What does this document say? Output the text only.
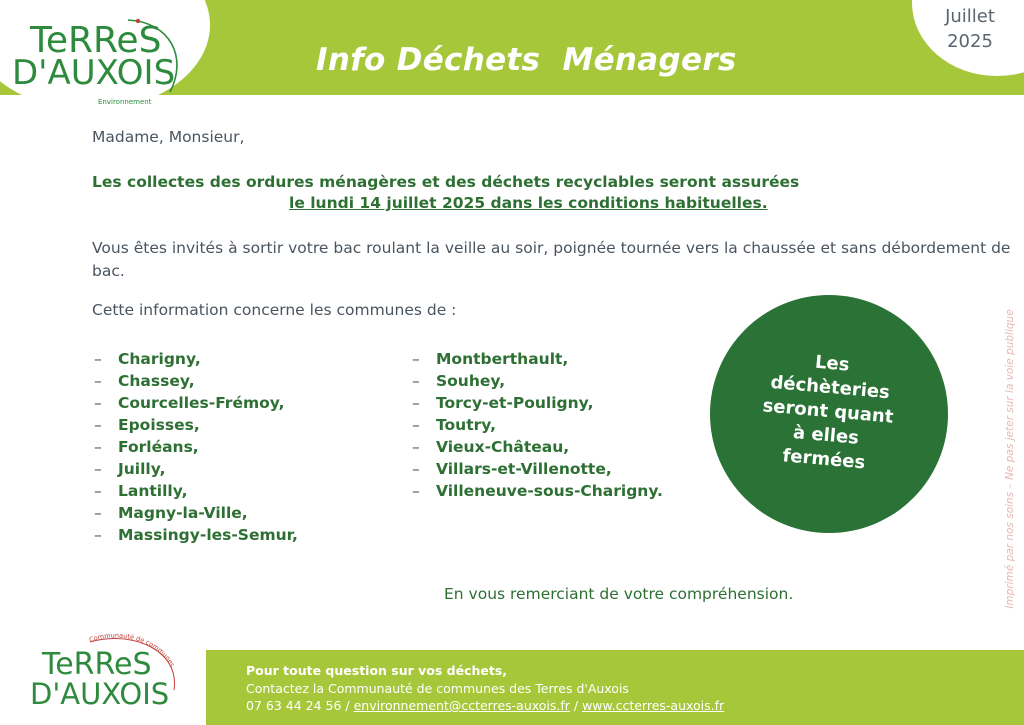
Juillet
2025
Info Déchets  Ménagers
TeRReS
D'AUXOIS
Environnement
Madame, Monsieur,
Les collectes des ordures ménagères et des déchets recyclables seront assurées
le lundi 14 juillet 2025 dans les conditions habituelles.
Vous êtes invités à sortir votre bac roulant la veille au soir, poignée tournée vers la chaussée et sans débordement de bac.
Cette information concerne les communes de :
– Charigny,
– Chassey,
– Courcelles-Frémoy,
– Epoisses,
– Forléans,
– Juilly,
– Lantilly,
– Magny-la-Ville,
– Massingy-les-Semur,
– Montberthault,
– Souhey,
– Torcy-et-Pouligny,
– Toutry,
– Vieux-Château,
– Villars-et-Villenotte,
– Villeneuve-sous-Charigny.
Les
déchèteries
seront quant
à elles
fermées	Imprimé par nos soins – Ne pas jeter sur la voie publique
En vous remerciant de votre compréhension.
Communauté de communes
TeRReS
D'AUXOIS
Pour toute question sur vos déchets,
Contactez la Communauté de communes des Terres d'Auxois
07 63 44 24 56 / environnement@ccterres-auxois.fr / www.ccterres-auxois.fr
